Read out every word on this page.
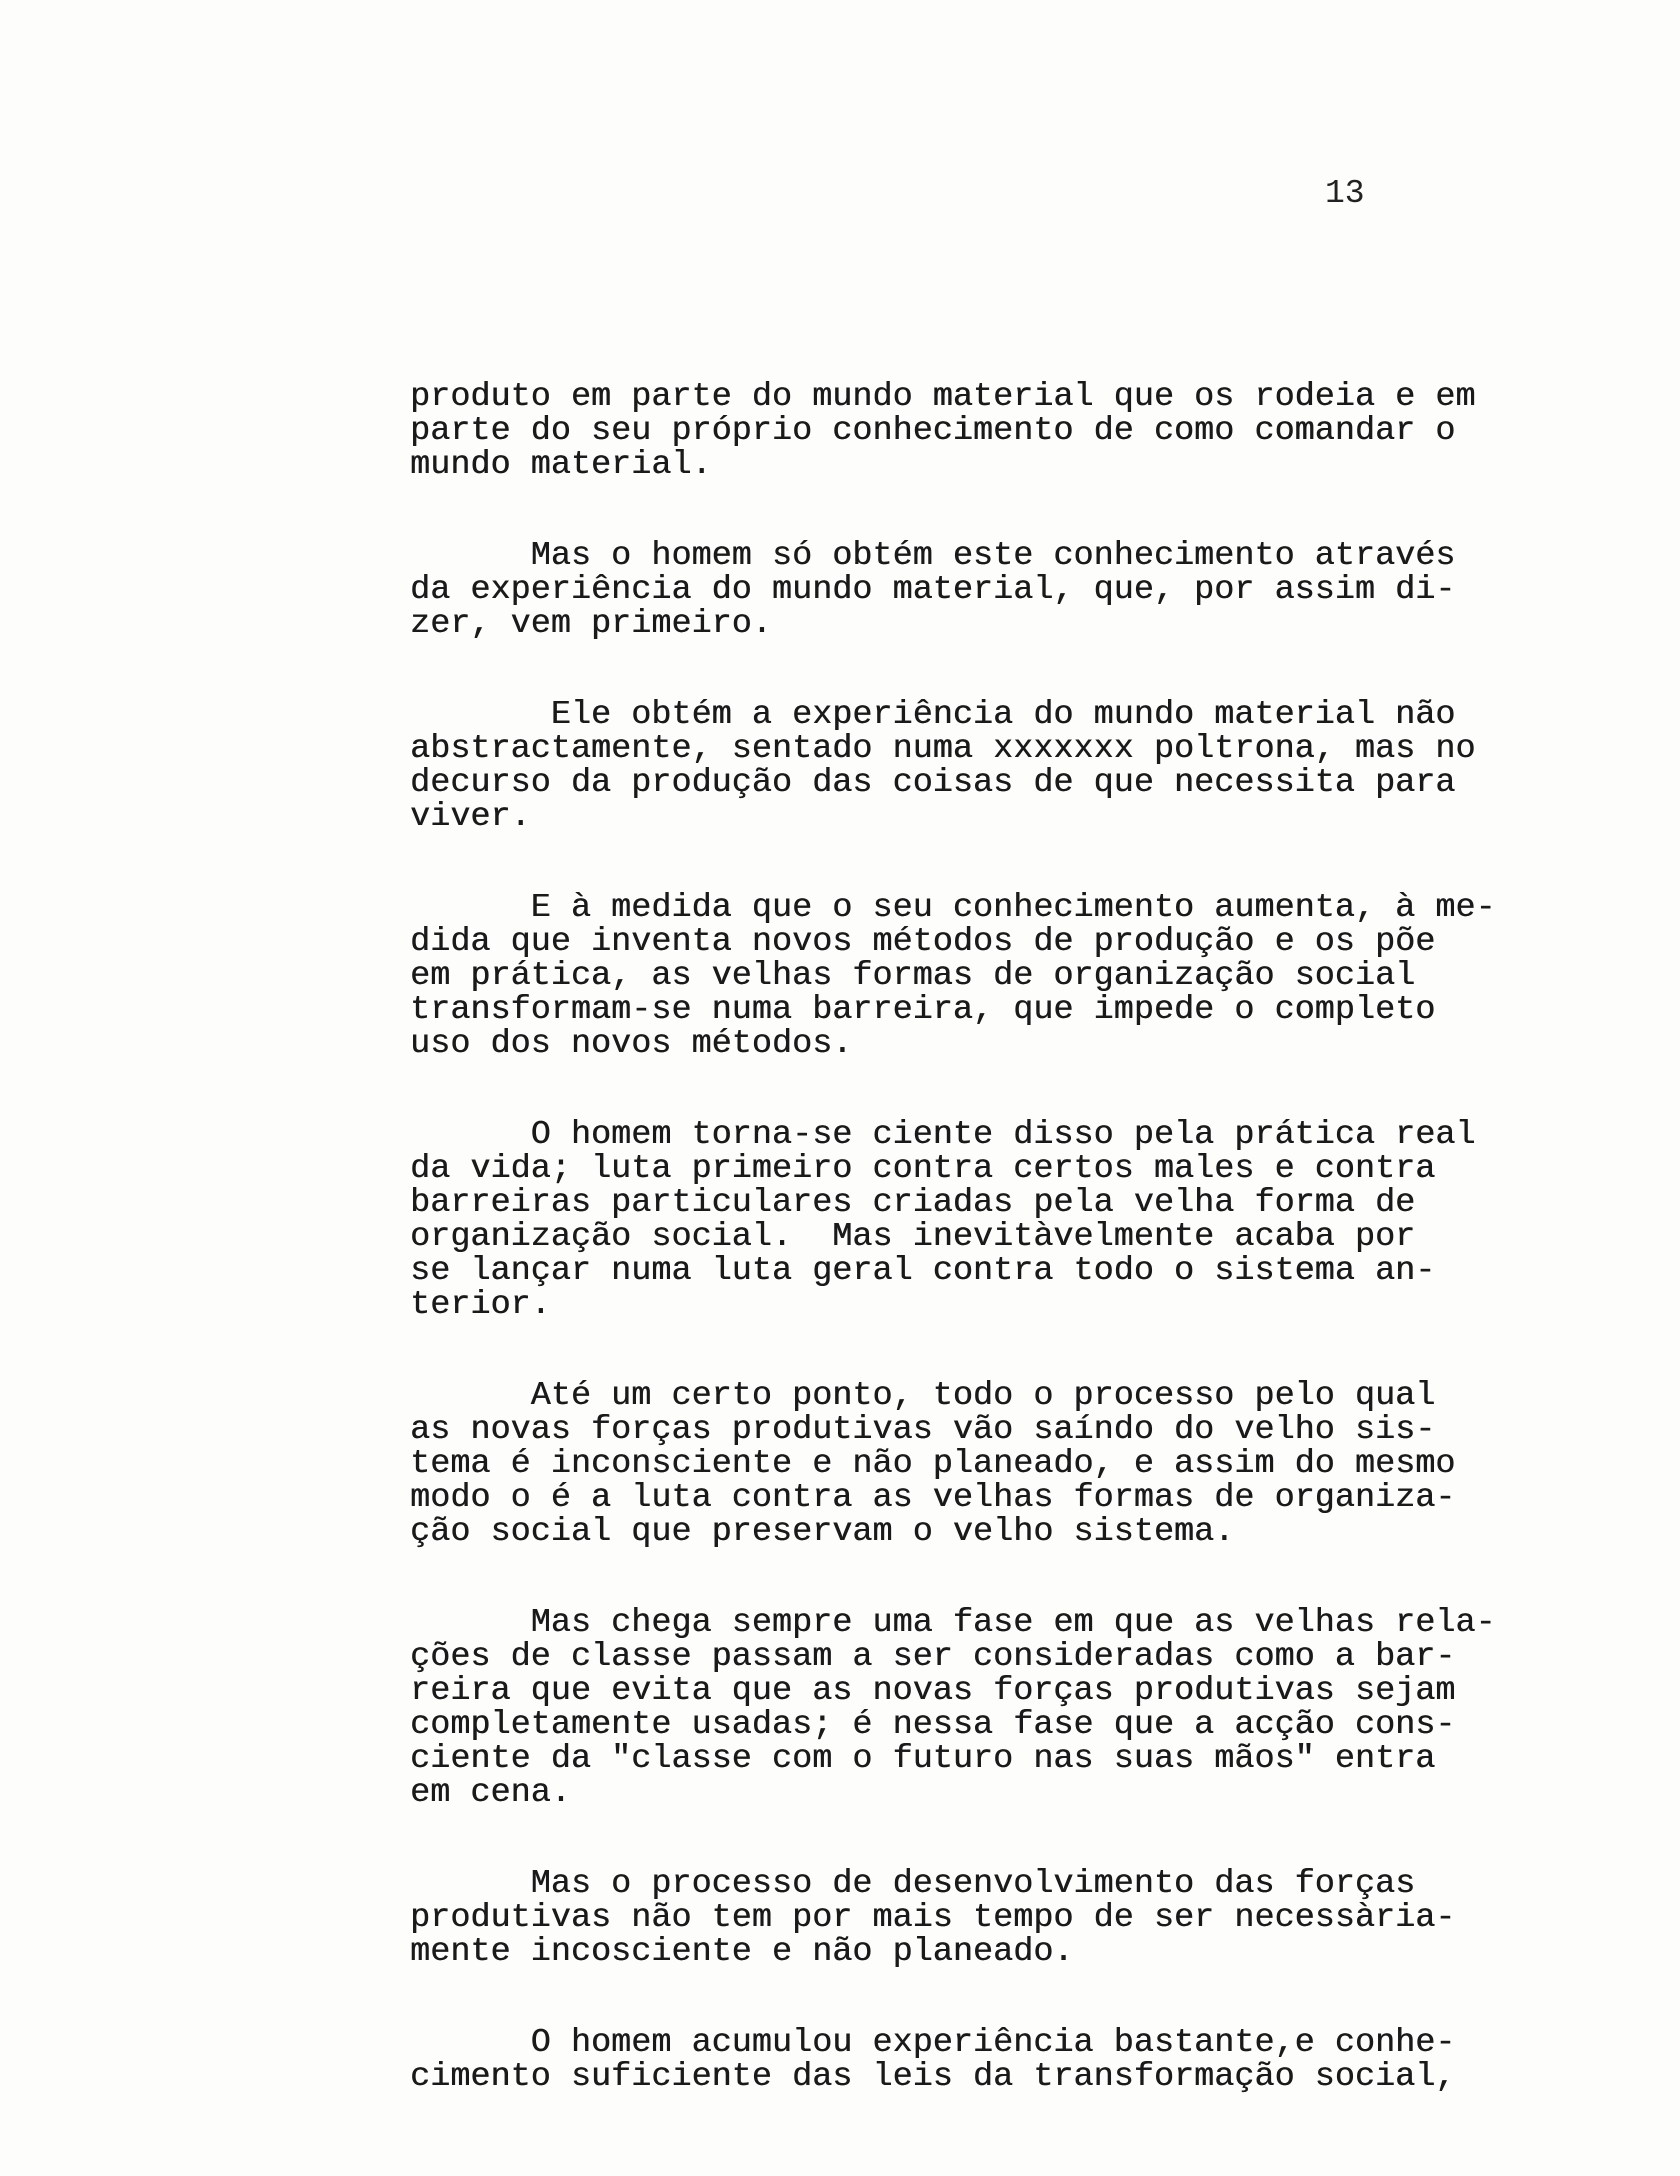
13

produto em parte do mundo material que os rodeia e em
parte do seu próprio conhecimento de como comandar o
mundo material.

Mas o homem só obtém este conhecimento através
da experiência do mundo material, que, por assim di-
zer, vem primeiro.

Ele obtém a experiência do mundo material não
abstractamente, sentado numa xxxxxxx poltrona, mas no
decurso da produção das coisas de que necessita para
viver.

E à medida que o seu conhecimento aumenta, à me-
dida que inventa novos métodos de produção e os põe
em prática, as velhas formas de organização social
transformam-se numa barreira, que impede o completo
uso dos novos métodos.

O homem torna-se ciente disso pela prática real
da vida; luta primeiro contra certos males e contra
barreiras particulares criadas pela velha forma de
organização social.  Mas inevitàvelmente acaba por
se lançar numa luta geral contra todo o sistema an-
terior.

Até um certo ponto, todo o processo pelo qual
as novas forças produtivas vão saíndo do velho sis-
tema é inconsciente e não planeado, e assim do mesmo
modo o é a luta contra as velhas formas de organiza-
ção social que preservam o velho sistema.

Mas chega sempre uma fase em que as velhas rela-
ções de classe passam a ser consideradas como a bar-
reira que evita que as novas forças produtivas sejam
completamente usadas; é nessa fase que a acção cons-
ciente da "classe com o futuro nas suas mãos" entra
em cena.

Mas o processo de desenvolvimento das forças
produtivas não tem por mais tempo de ser necessària-
mente incosciente e não planeado.

O homem acumulou experiência bastante,e conhe-
cimento suficiente das leis da transformação social,
